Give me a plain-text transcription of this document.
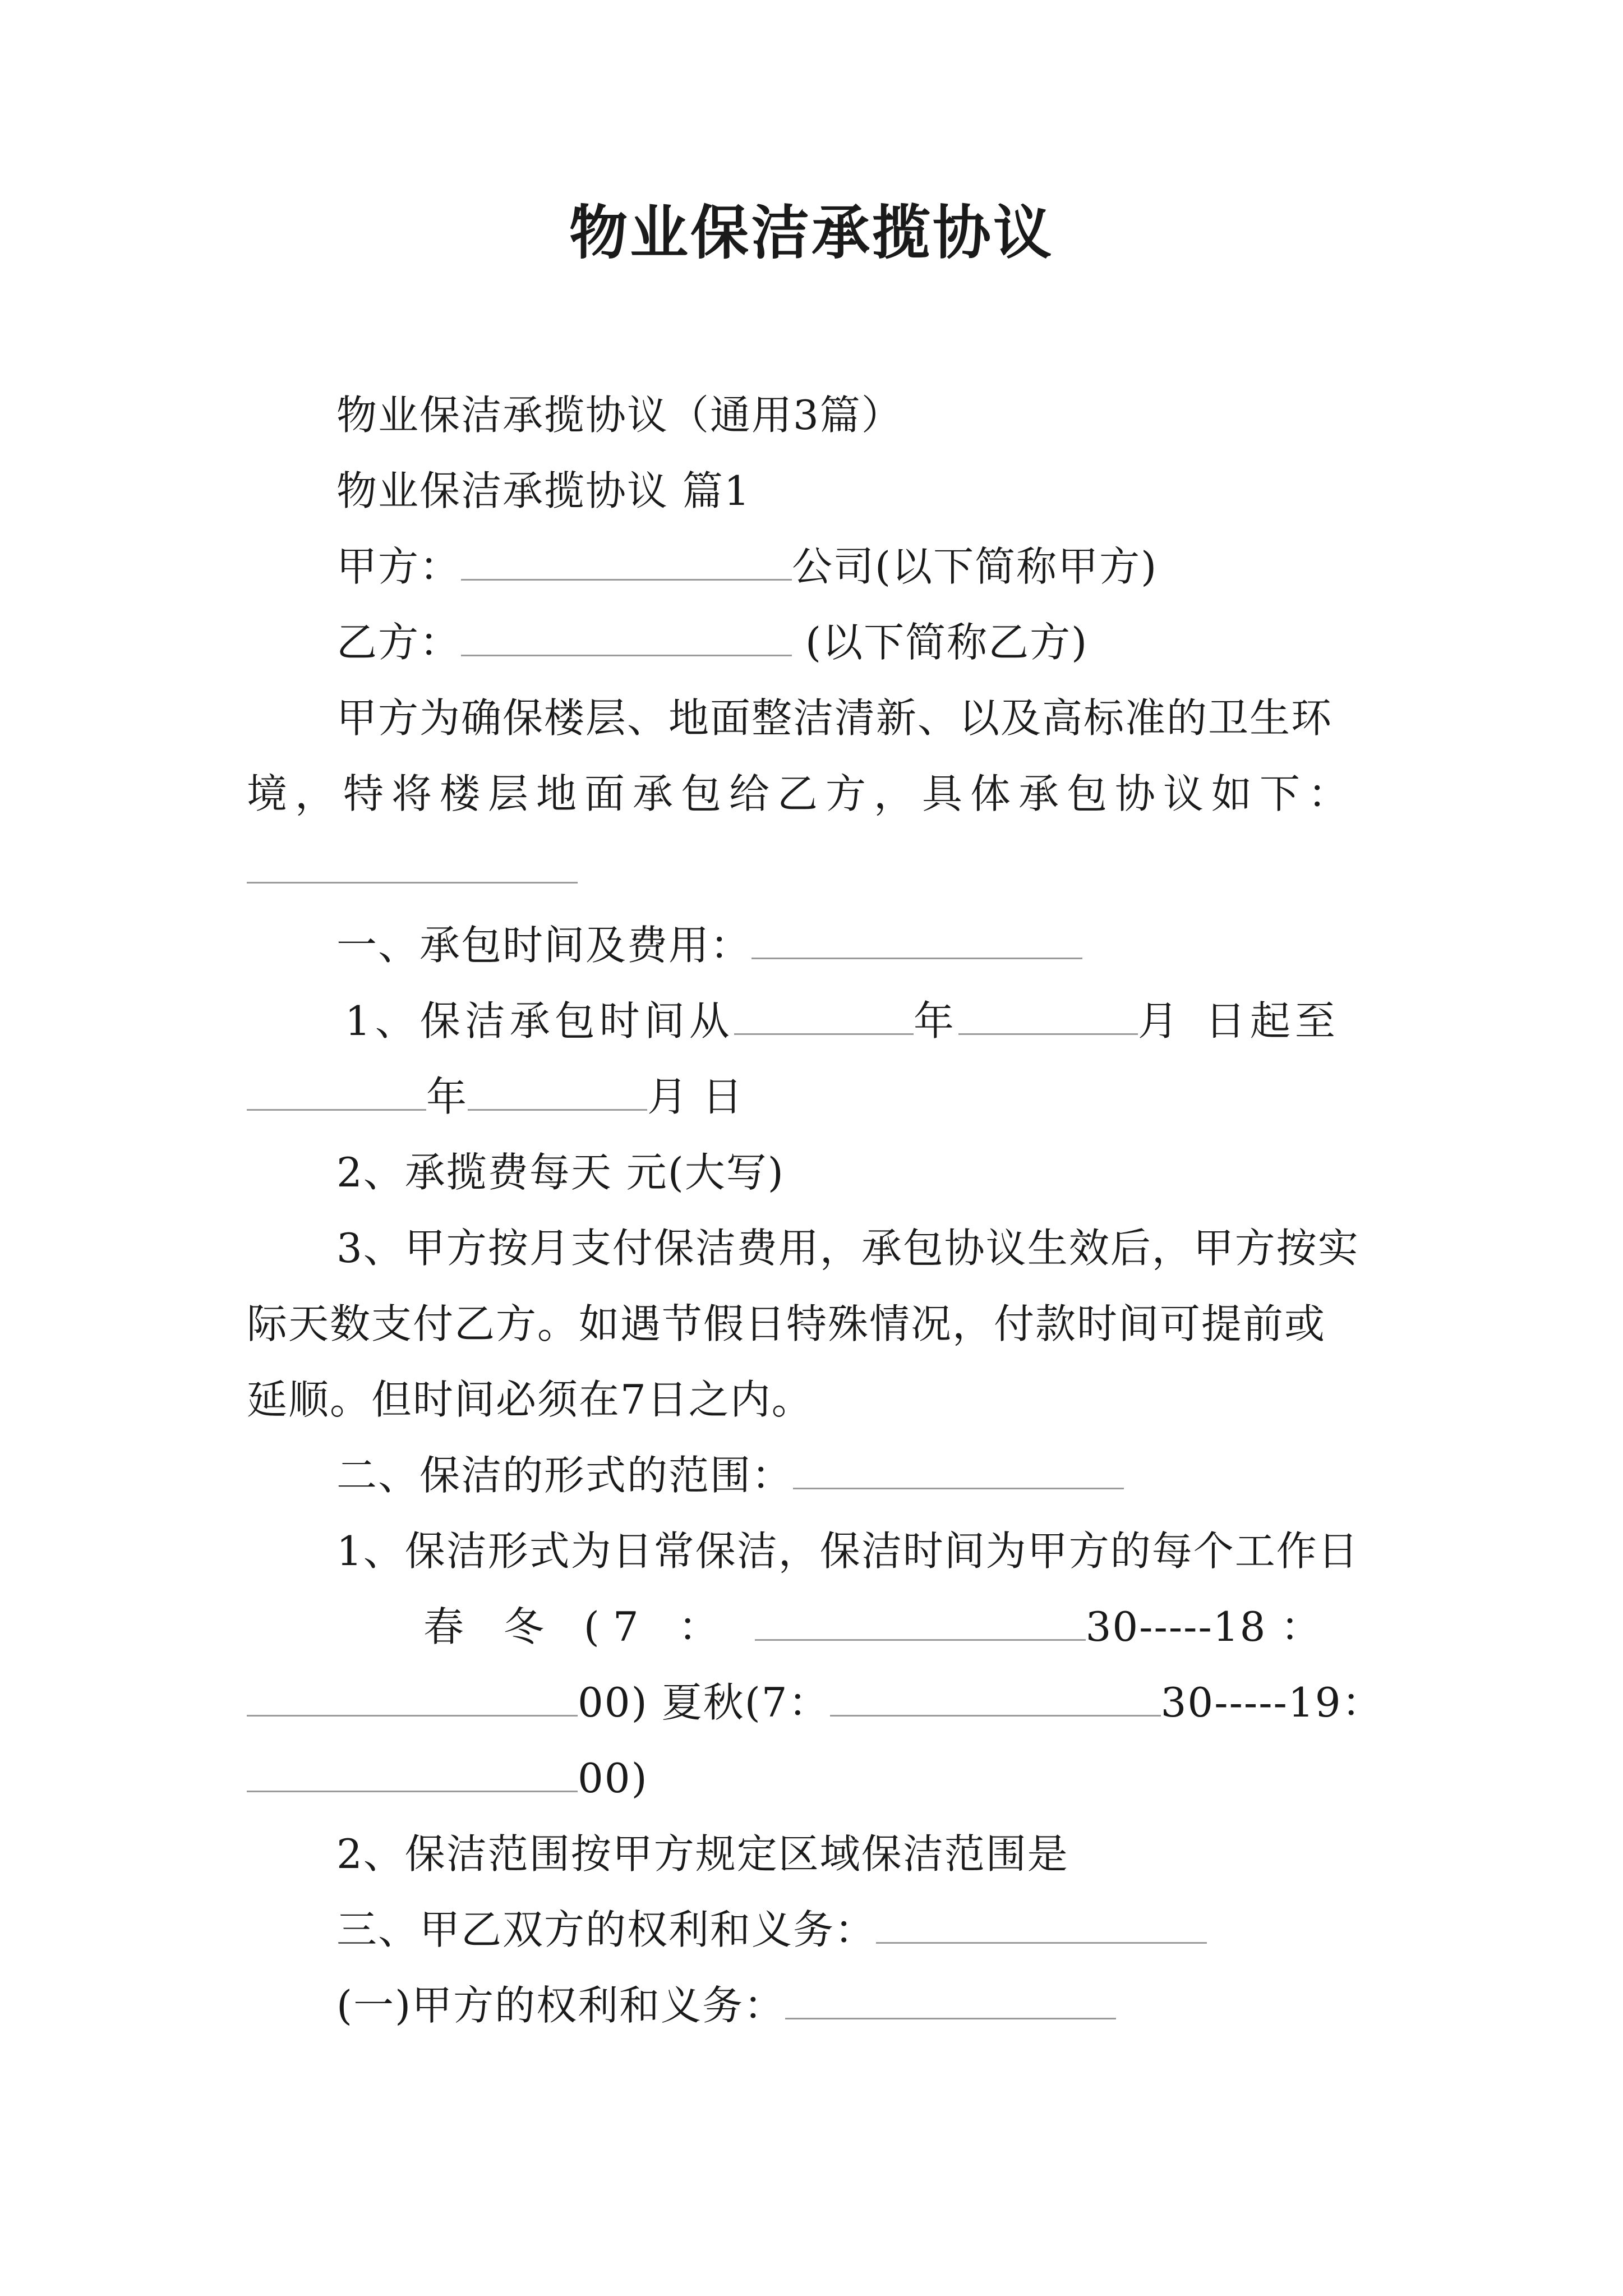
物业保洁承揽协议
物业保洁承揽协议（通用3篇）
物业保洁承揽协议 篇1
甲方：	公司(以下简称甲方)
乙方：	(以下简称乙方)
甲方为确保楼层、地面整洁清新、以及高标准的卫生环
境，特将楼层地面承包给乙方，具体承包协议如下：
一、承包时间及费用：
1、保洁承包时间从	年	月 日起至
年	月 日
2、承揽费每天 元(大写)
3、甲方按月支付保洁费用，承包协议生效后，甲方按实
际天数支付乙方。如遇节假日特殊情况，付款时间可提前或
延顺。但时间必须在7日之内。
二、保洁的形式的范围：
1、保洁形式为日常保洁，保洁时间为甲方的每个工作日
春 冬 (7 ：	30-----18 ：
00) 夏秋(7：	30-----19：
00)
2、保洁范围按甲方规定区域保洁范围是
三、甲乙双方的权利和义务：
(一)甲方的权利和义务：
